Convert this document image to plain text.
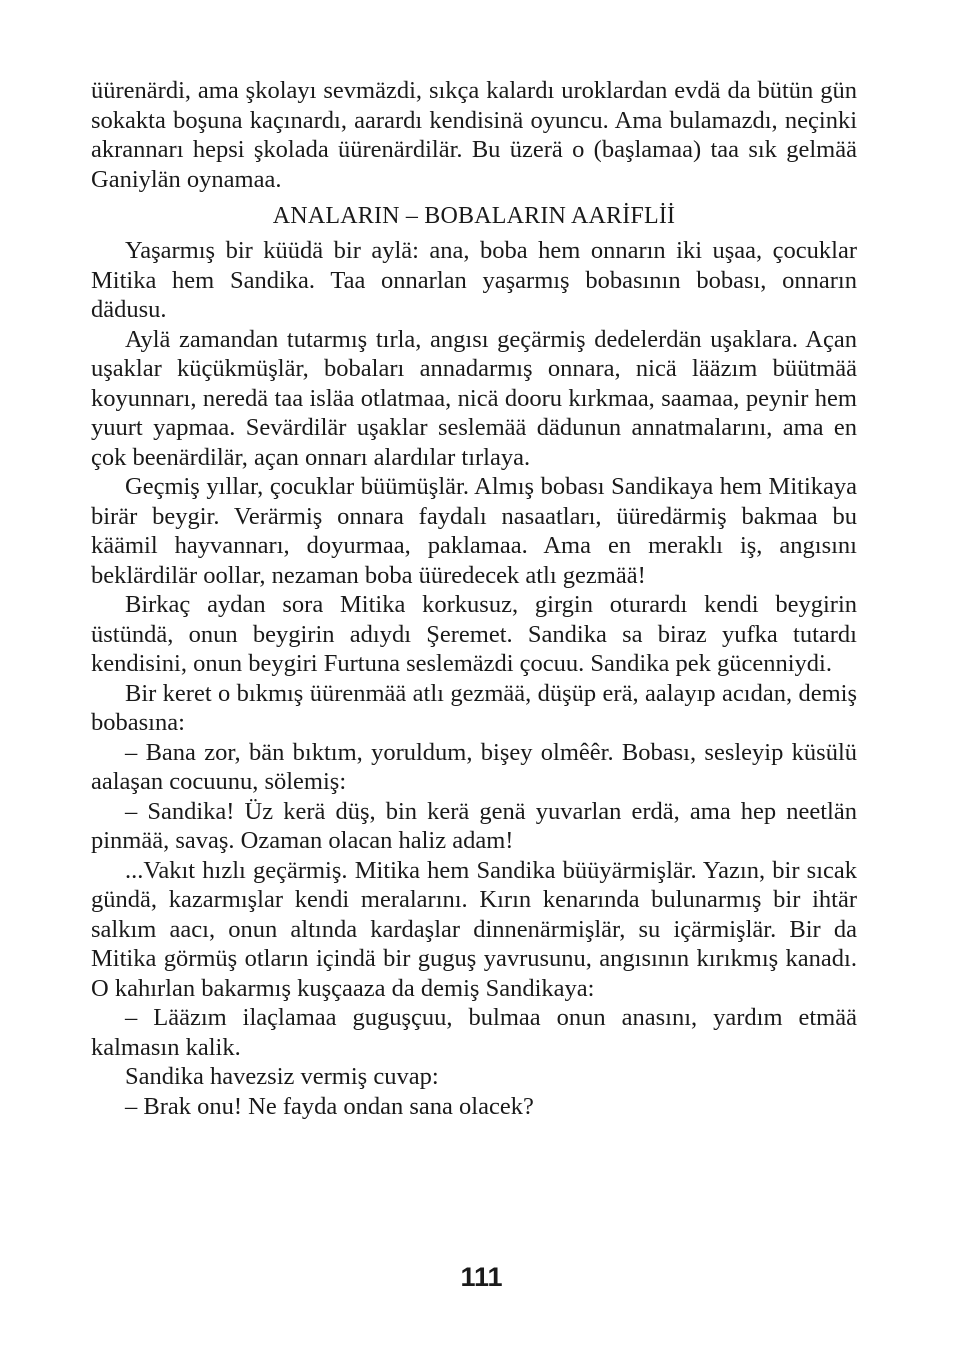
üürenärdi, ama şkolayı sevmäzdi, sıkça kalardı uroklardan evdä da bütün gün sokakta boşuna kaçınardı, aarardı kendisinä oyuncu. Ama bulamazdı, neçinki akrannarı hepsi şkolada üürenärdilär. Bu üzerä o (başlamaa) taa sık gelmää Ganiylän oynamaa.

ANALARIN – BOBALARIN AARİFLİİ

Yaşarmış bir küüdä bir aylä: ana, boba hem onnarın iki uşaa, çocuklar Mitika hem Sandika. Taa onnarlan yaşarmış bobasının bobası, onnarın dädusu.

Aylä zamandan tutarmış tırla, angısı geçärmiş dedelerdän uşaklara. Açan uşaklar küçükmüşlär, bobaları annadarmış onnara, nicä lääzım büütmää koyunnarı, neredä taa isläa otlatmaa, nicä dooru kırkmaa, saamaa, peynir hem yuurt yapmaa. Sevärdilär uşaklar seslemää dädunun annatmalarını, ama en çok beenärdilär, açan onnarı alardılar tırlaya.

Geçmiş yıllar, çocuklar büümüşlär. Almış bobası Sandikaya hem Mitikaya birär beygir. Verärmiş onnara faydalı nasaatları, üüredärmiş bakmaa bu käämil hayvannarı, doyurmaa, paklamaa. Ama en meraklı iş, angısını beklärdilär oollar, nezaman boba üüredecek atlı gezmää!

Birkaç aydan sora Mitika korkusuz, girgin oturardı kendi beygirin üstündä, onun beygirin adıydı Şeremet. Sandika sa biraz yufka tutardı kendisini, onun beygiri Furtuna seslemäzdi çocuu. Sandika pek gücenniydi.

Bir keret o bıkmış üürenmää atlı gezmää, düşüp erä, aalayıp acıdan, demiş bobasına:

– Bana zor, bän bıktım, yoruldum, bişey olmêêr. Bobası, sesleyip küsülü aalaşan cocuunu, sölemiş:

– Sandika! Üz kerä düş, bin kerä genä yuvarlan erdä, ama hep neetlän pinmää, savaş. Ozaman olacan haliz adam!

...Vakıt hızlı geçärmiş. Mitika hem Sandika büüyärmişlär. Yazın, bir sıcak gündä, kazarmışlar kendi meralarını. Kırın kenarında bulunarmış bir ihtär salkım aacı, onun altında kardaşlar dinnenärmişlär, su içärmişlär. Bir da Mitika görmüş otların içindä bir guguş yavrusunu, angısının kırıkmış kanadı. O kahırlan bakarmış kuşçaaza da demiş Sandikaya:

– Lääzım ilaçlamaa guguşçuu, bulmaa onun anasını, yardım etmää kalmasın kalik.

Sandika havezsiz vermiş cuvap:

– Brak onu! Ne fayda ondan sana olacek?

111
